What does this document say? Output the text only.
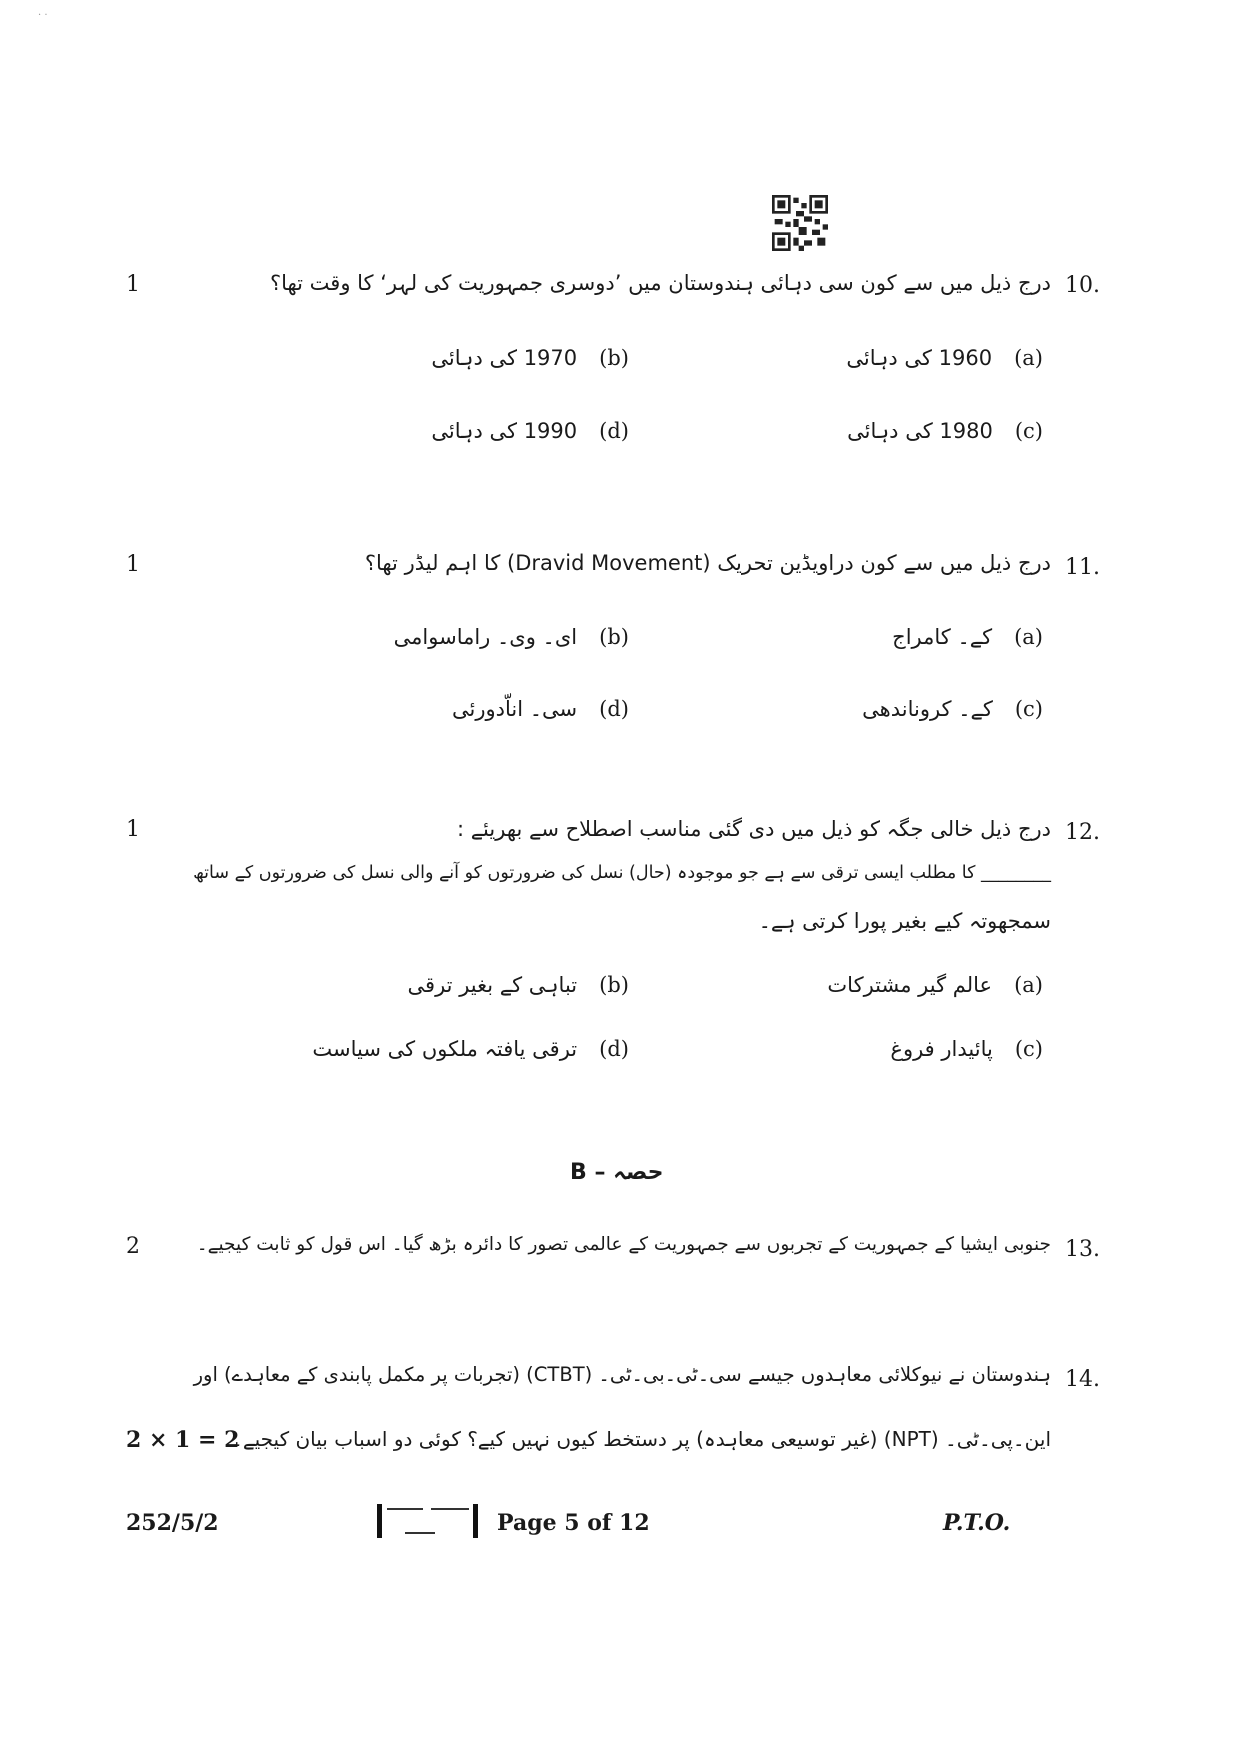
· ‧
1	10.
درج ذیل میں سے کون سی دہائی ہندوستان میں ’دوسری جمہوریت کی لہر‘ کا وقت تھا؟
(a)
1960 کی دہائی
(b)
1970 کی دہائی
(c)
1980 کی دہائی
(d)
1990 کی دہائی
1	11.
درج ذیل میں سے کون دراویڈین تحریک (Dravid Movement) کا اہم لیڈر تھا؟
(a)
کے۔ کامراج
(b)
ای۔ وی۔ راماسوامی
(c)
کے۔ کروناندھی
(d)
سی۔ اناّدورئی
1	12.
درج ذیل خالی جگہ کو ذیل میں دی گئی مناسب اصطلاح سے بھریئے :
________ کا مطلب ایسی ترقی سے ہے جو موجودہ (حال) نسل کی ضرورتوں کو آنے والی نسل کی ضرورتوں کے ساتھ
سمجھوتہ کیے بغیر پورا کرتی ہے۔
(a)
عالم گیر مشترکات
(b)
تباہی کے بغیر ترقی
(c)
پائیدار فروغ
(d)
ترقی یافتہ ملکوں کی سیاست
حصہ – B
2	13.
جنوبی ایشیا کے جمہوریت کے تجربوں سے جمہوریت کے عالمی تصور کا دائرہ بڑھ گیا۔ اس قول کو ثابت کیجیے۔
14.
ہندوستان نے نیوکلائی معاہدوں جیسے سی۔ٹی۔بی۔ٹی۔ (CTBT) (تجربات پر مکمل پابندی کے معاہدے) اور
این۔پی۔ٹی۔ (NPT) (غیر توسیعی معاہدہ) پر دستخط کیوں نہیں کیے؟ کوئی دو اسباب بیان کیجیے۔
2 × 1 = 2
252/5/2	Page 5 of 12	P.T.O.
